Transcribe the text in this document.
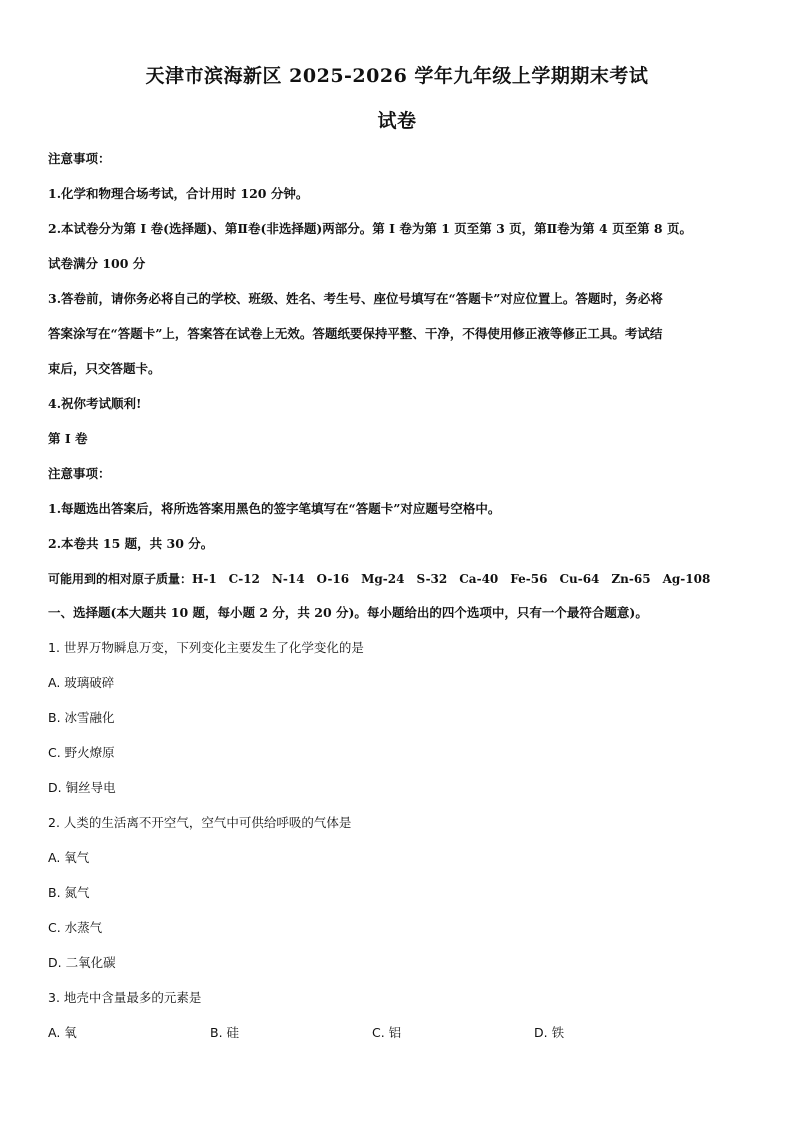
天津市滨海新区 2025-2026 学年九年级上学期期末考试
试卷
注意事项：
1.化学和物理合场考试，合计用时 120 分钟。
2.本试卷分为第 I 卷(选择题)、第Ⅱ卷(非选择题)两部分。第 I 卷为第 1 页至第 3 页，第Ⅱ卷为第 4 页至第 8 页。
试卷满分 100 分
3.答卷前，请你务必将自己的学校、班级、姓名、考生号、座位号填写在“答题卡”对应位置上。答题时，务必将
答案涂写在“答题卡”上，答案答在试卷上无效。答题纸要保持平整、干净，不得使用修正液等修正工具。考试结
束后，只交答题卡。
4.祝你考试顺利!
第 I 卷
注意事项：
1.每题选出答案后，将所选答案用黑色的签字笔填写在“答题卡”对应题号空格中。
2.本卷共 15 题，共 30 分。
可能用到的相对原子质量：H-1　C-12　N-14　O-16　Mg-24　S-32　Ca-40　Fe-56　Cu-64　Zn-65　Ag-108
一、选择题(本大题共 10 题，每小题 2 分，共 20 分)。每小题给出的四个选项中，只有一个最符合题意)。
1. 世界万物瞬息万变，下列变化主要发生了化学变化的是
A. 玻璃破碎
B. 冰雪融化
C. 野火燎原
D. 铜丝导电
2. 人类的生活离不开空气，空气中可供给呼吸的气体是
A. 氧气
B. 氮气
C. 水蒸气
D. 二氧化碳
3. 地壳中含量最多的元素是
A. 氧	B. 硅	C. 铝	D. 铁
